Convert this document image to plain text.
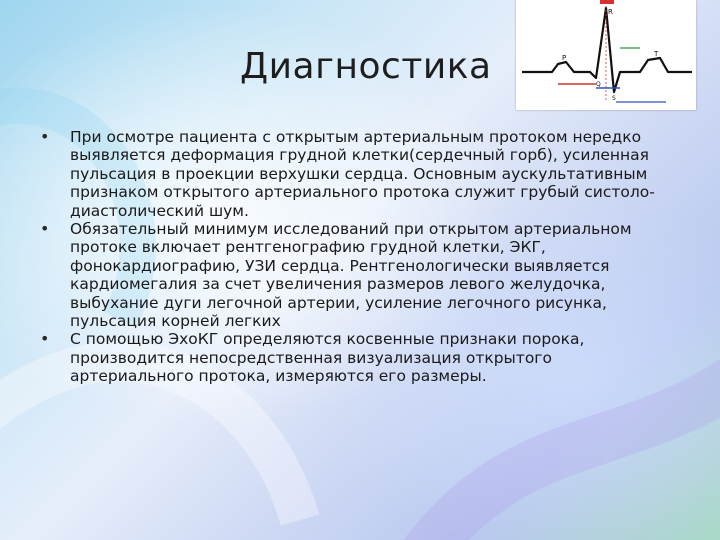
Диагностика
R
P	T
Q
S
• При осмотре пациента с открытым артериальным протоком нередко выявляется деформация грудной клетки(сердечный горб), усиленная пульсация в проекции верхушки сердца. Основным аускультативным признаком открытого артериального протока служит грубый систоло-диастолический шум.
• Обязательный минимум исследований при открытом артериальном протоке включает рентгенографию грудной клетки, ЭКГ, фонокардиографию, УЗИ сердца. Рентгенологически выявляется кардиомегалия за счет увеличения размеров левого желудочка, выбухание дуги легочной артерии, усиление легочного рисунка, пульсация корней легких
• С помощью ЭхоКГ определяются косвенные признаки порока, производится непосредственная визуализация открытого артериального протока, измеряются его размеры.
